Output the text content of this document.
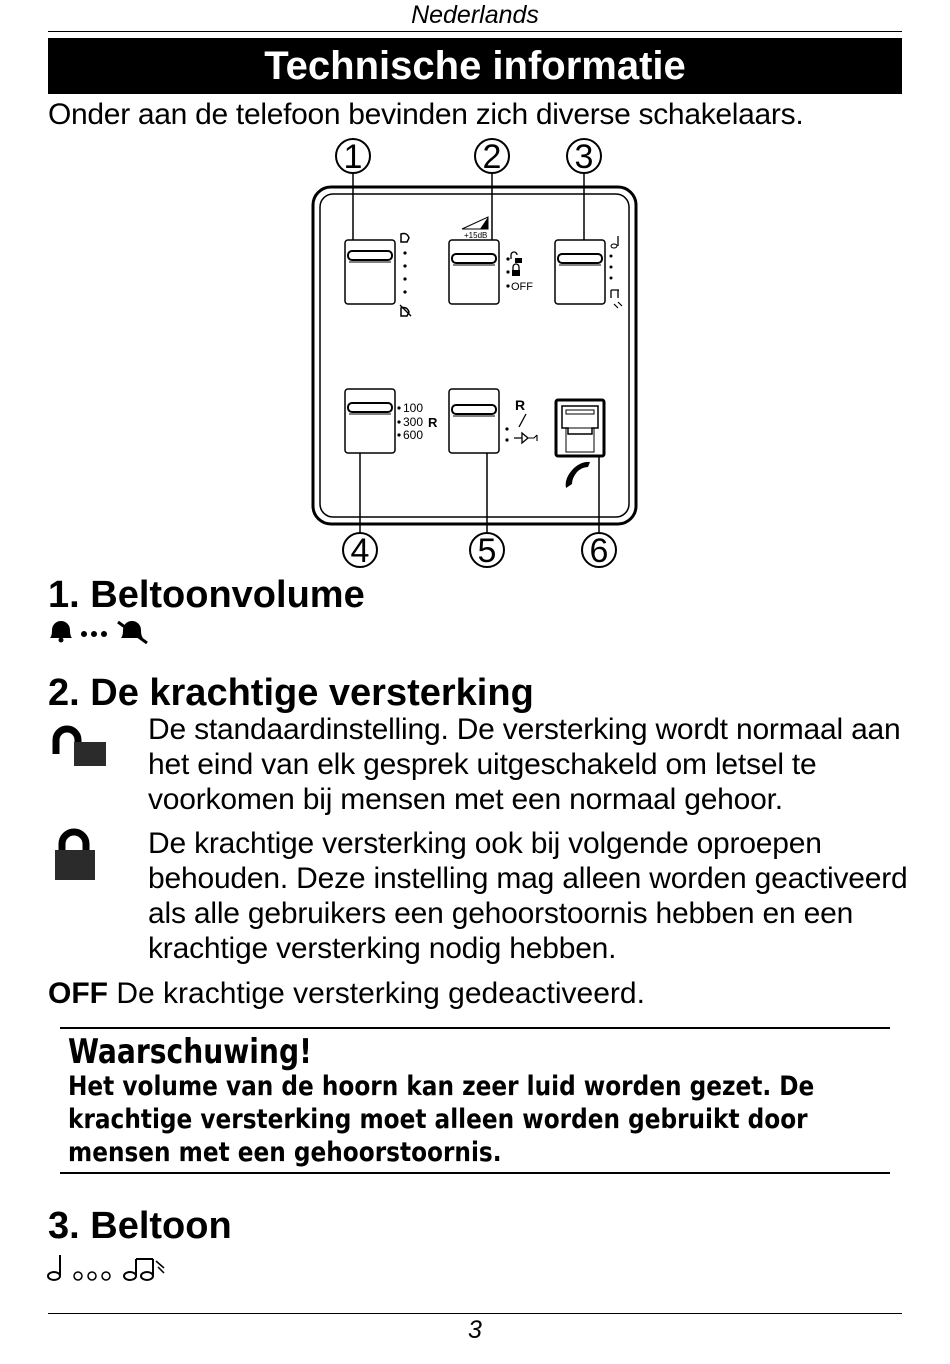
Nederlands
Technische informatie
Onder aan de telefoon bevinden zich diverse schakelaars.
1	2 3
4	5	6
+15dB
OFF
100
300
600
R
R
1. Beltoonvolume
2. De krachtige versterking
De standaardinstelling. De versterking wordt normaal aan het eind van elk gesprek uitgeschakeld om letsel te voorkomen bij mensen met een normaal gehoor.
De krachtige versterking ook bij volgende oproepen behouden. Deze instelling mag alleen worden geactiveerd als alle gebruikers een gehoorstoornis hebben en een krachtige versterking nodig hebben.
OFF De krachtige versterking gedeactiveerd.
Waarschuwing!
Het volume van de hoorn kan zeer luid worden gezet. De krachtige versterking moet alleen worden gebruikt door mensen met een gehoorstoornis.
3. Beltoon
3
